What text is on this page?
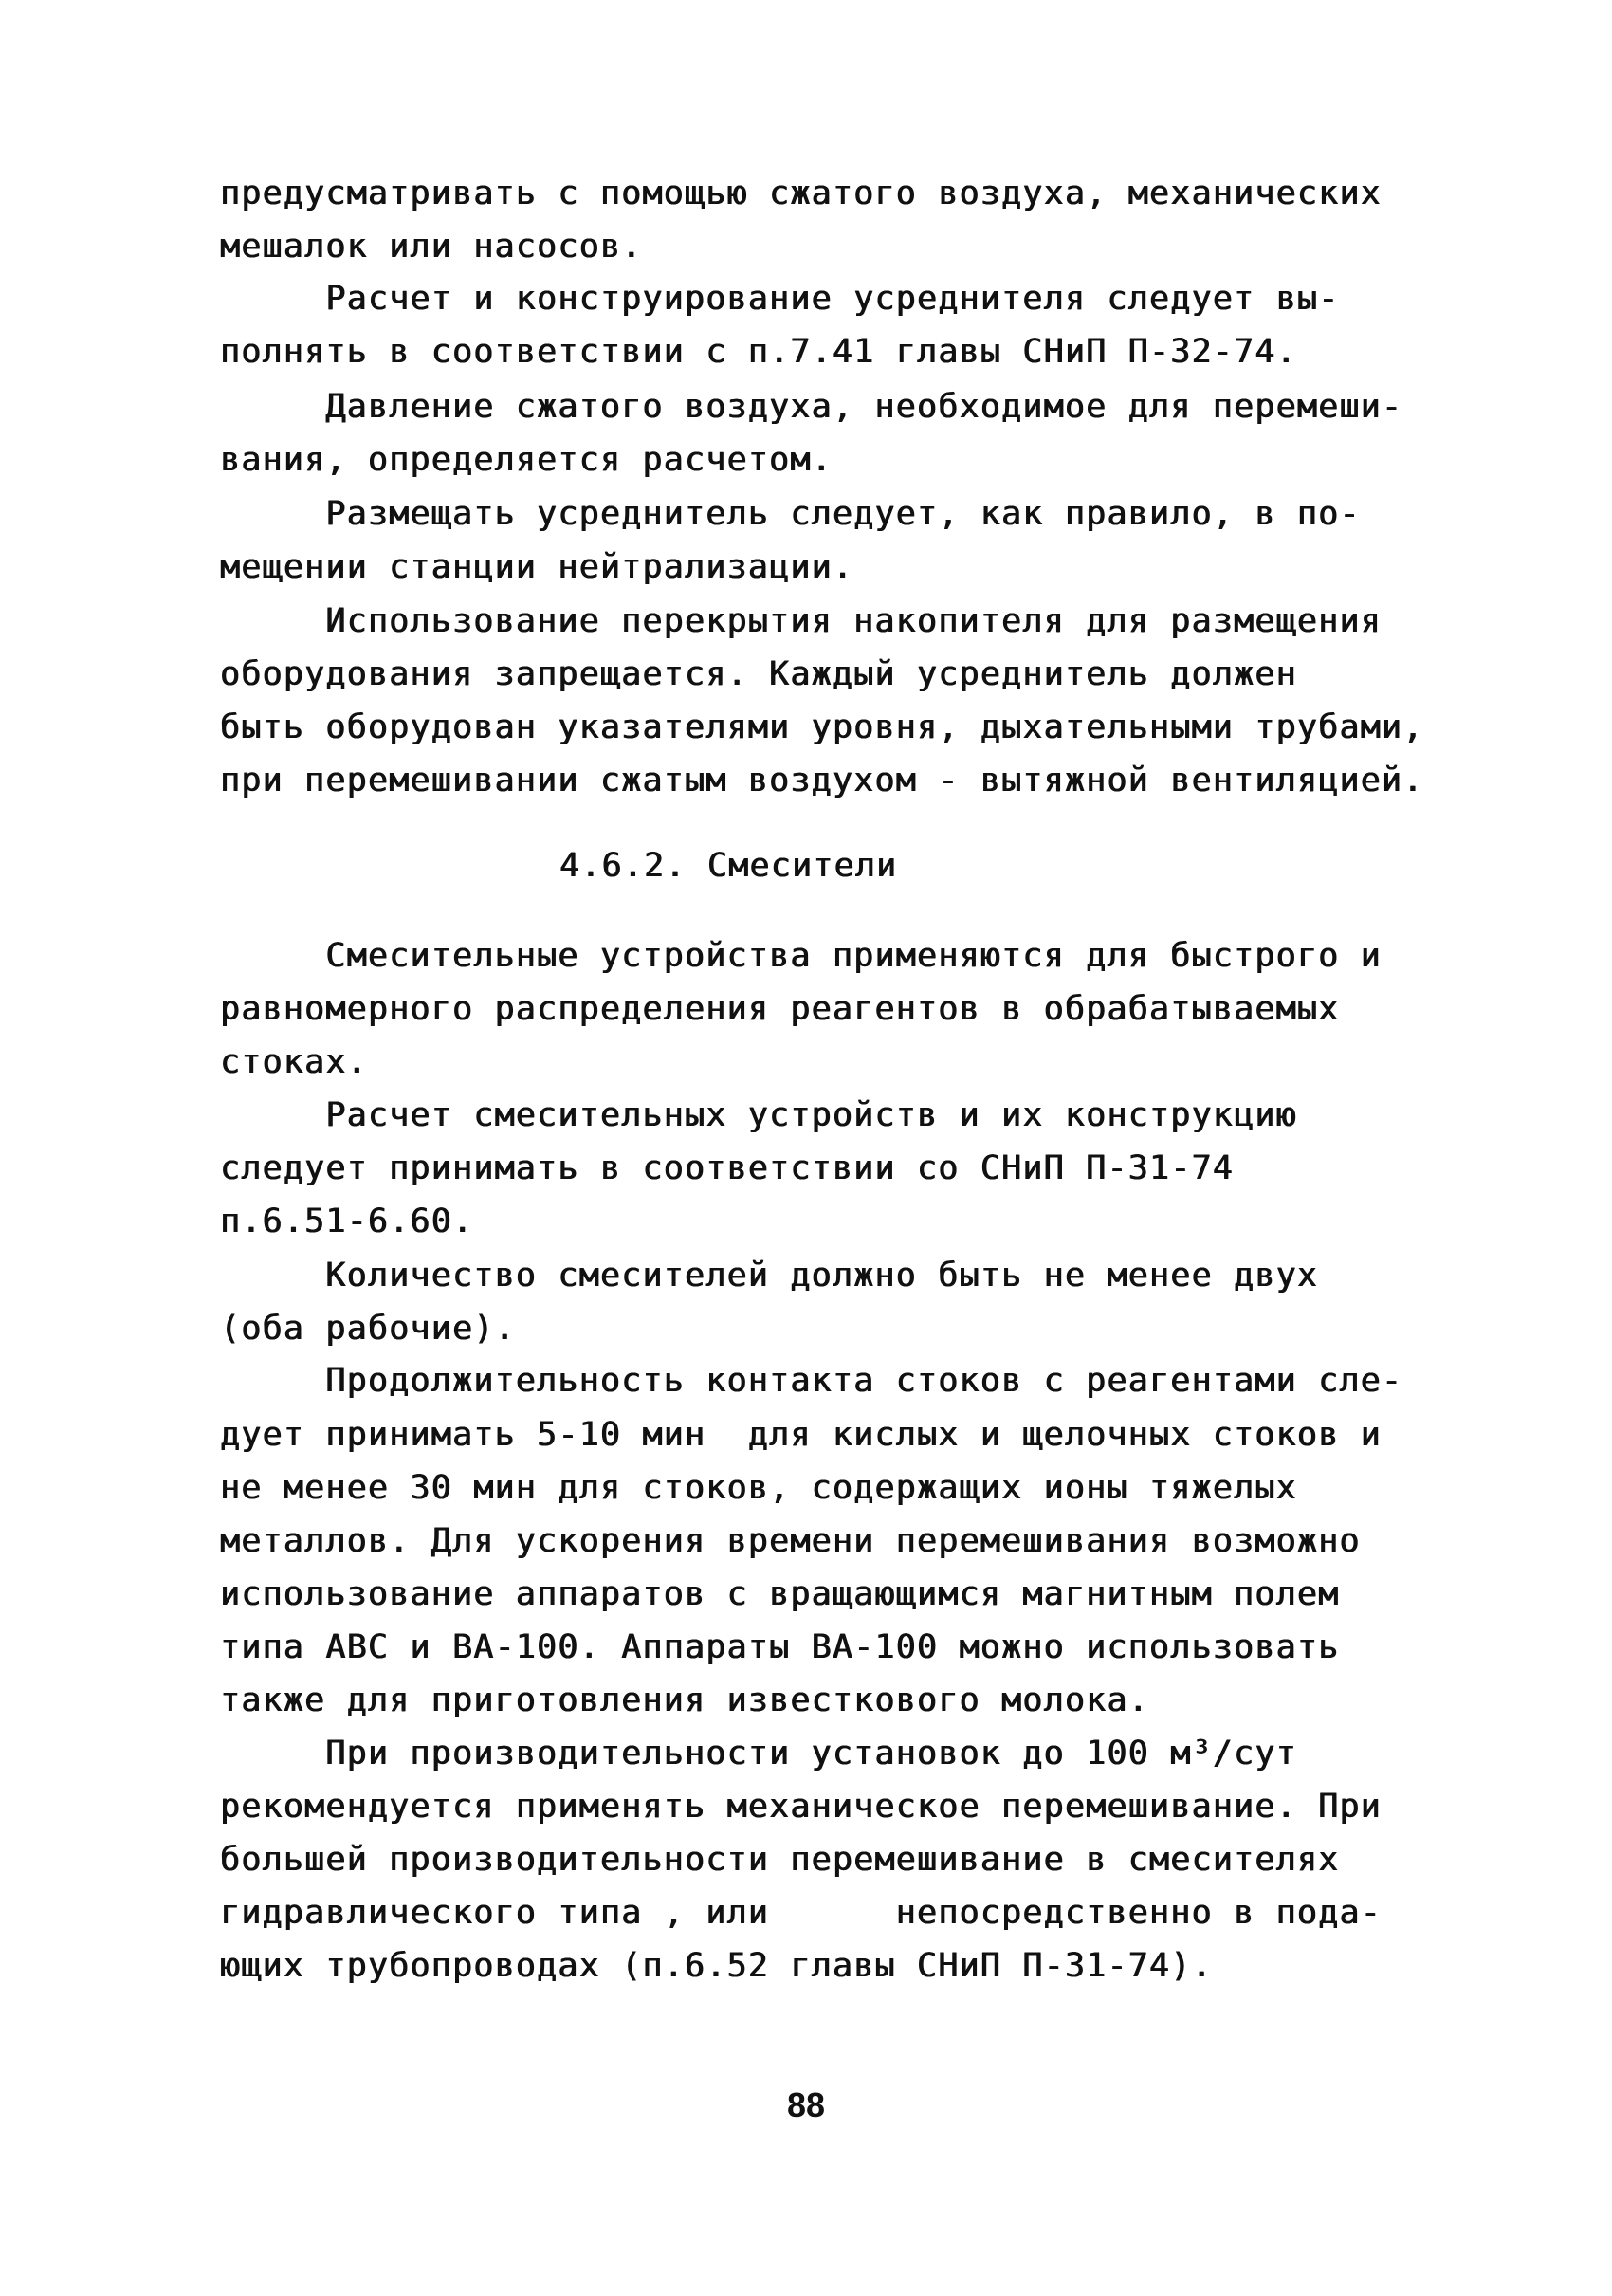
предусматривать с помощью сжатого воздуха, механических
мешалок или насосов.
Расчет и конструирование усреднителя следует вы-
полнять в соответствии с п.7.41 главы СНиП П-32-74.
Давление сжатого воздуха, необходимое для перемеши-
вания, определяется расчетом.
Размещать усреднитель следует, как правило, в по-
мещении станции нейтрализации.
Использование перекрытия накопителя для размещения
оборудования запрещается. Каждый усреднитель должен
быть оборудован указателями уровня, дыхательными трубами,
при перемешивании сжатым воздухом - вытяжной вентиляцией.
4.6.2. Смесители
Смесительные устройства применяются для быстрого и
равномерного распределения реагентов в обрабатываемых
стоках.
Расчет смесительных устройств и их конструкцию
следует принимать в соответствии со СНиП П-31-74
п.6.51-6.60.
Количество смесителей должно быть не менее двух
(оба рабочие).
Продолжительность контакта стоков с реагентами сле-
дует принимать 5-10 мин  для кислых и щелочных стоков и
не менее 30 мин для стоков, содержащих ионы тяжелых
металлов. Для ускорения времени перемешивания возможно
использование аппаратов с вращающимся магнитным полем
типа АВС и ВА-100. Аппараты ВА-100 можно использовать
также для приготовления известкового молока.
При производительности установок до 100 м³/сут
рекомендуется применять механическое перемешивание. При
большей производительности перемешивание в смесителях
гидравлического типа , или      непосредственно в пода-
ющих трубопроводах (п.6.52 главы СНиП П-31-74).
88
